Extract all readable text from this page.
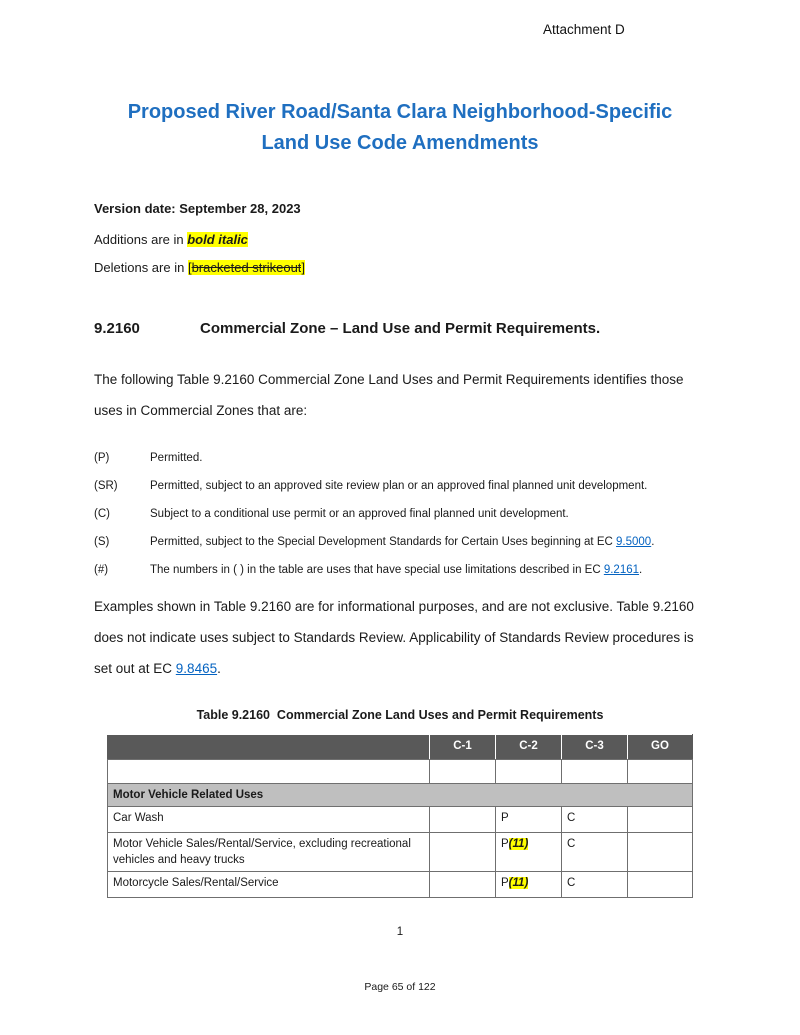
Attachment D
Proposed River Road/Santa Clara Neighborhood-Specific
Land Use Code Amendments

Version date: September 28, 2023

Additions are in bold italic

Deletions are in [bracketed strikeout]

9.2160	Commercial Zone – Land Use and Permit Requirements.

The following Table 9.2160 Commercial Zone Land Uses and Permit Requirements identifies those uses in Commercial Zones that are:

(P)	Permitted.
(SR)	Permitted, subject to an approved site review plan or an approved final planned unit development.
(C)	Subject to a conditional use permit or an approved final planned unit development.
(S)	Permitted, subject to the Special Development Standards for Certain Uses beginning at EC 9.5000.
(#)	The numbers in ( ) in the table are uses that have special use limitations described in EC 9.2161.

Examples shown in Table 9.2160 are for informational purposes, and are not exclusive. Table 9.2160 does not indicate uses subject to Standards Review. Applicability of Standards Review procedures is set out at EC 9.8465.

Table 9.2160  Commercial Zone Land Uses and Permit Requirements

	C-1	C-2	C-3	GO

Motor Vehicle Related Uses				
Car Wash		P	C	
Motor Vehicle Sales/Rental/Service, excluding recreational vehicles and heavy trucks		P(11)	C	
Motorcycle Sales/Rental/Service		P(11)	C	
1
Page 65 of 122
